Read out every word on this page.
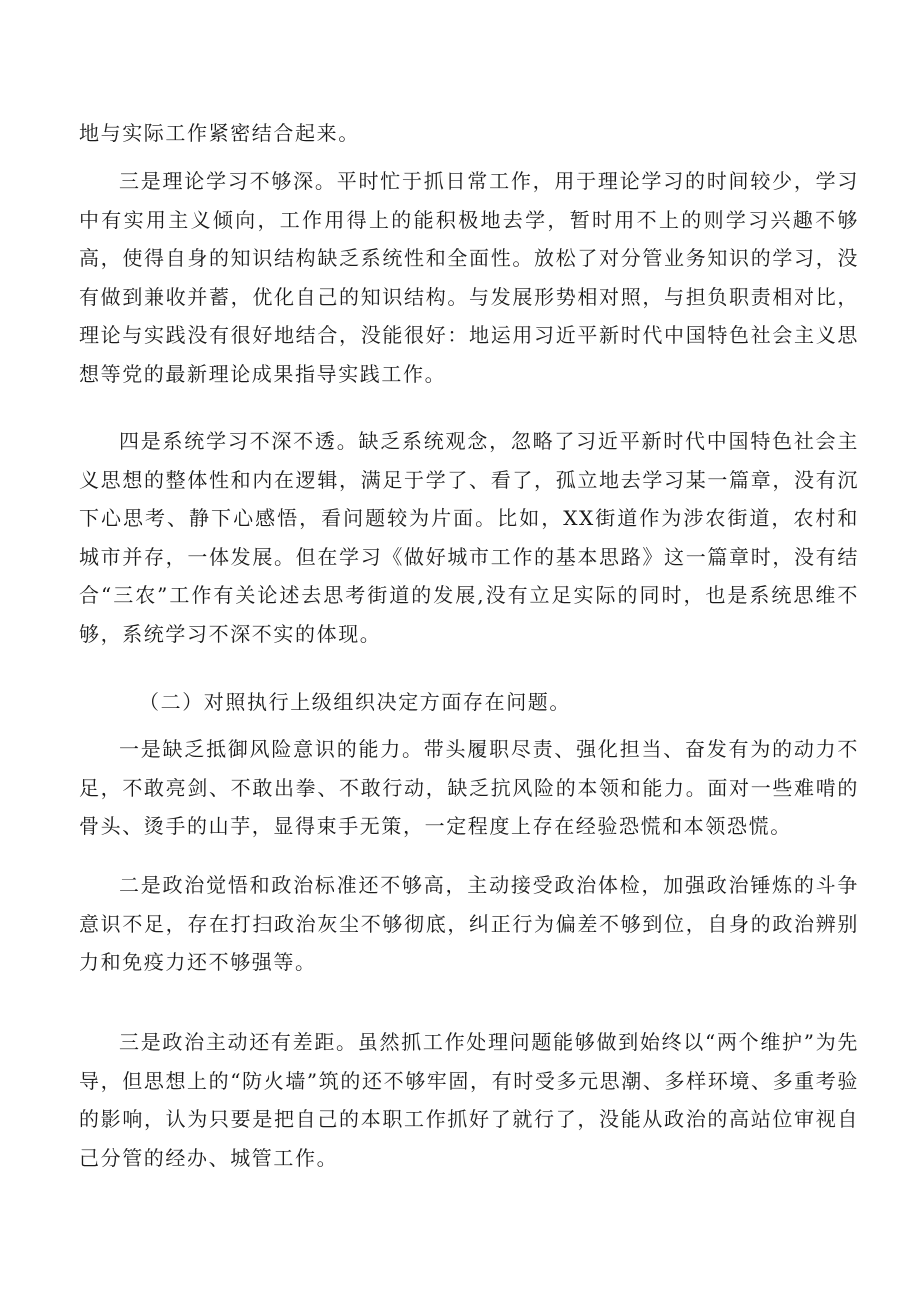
地与实际工作紧密结合起来。

三是理论学习不够深。平时忙于抓日常工作，用于理论学习的时间较少，学习中有实用主义倾向，工作用得上的能积极地去学，暂时用不上的则学习兴趣不够高，使得自身的知识结构缺乏系统性和全面性。放松了对分管业务知识的学习，没有做到兼收并蓄，优化自己的知识结构。与发展形势相对照，与担负职责相对比，理论与实践没有很好地结合，没能很好：地运用习近平新时代中国特色社会主义思想等党的最新理论成果指导实践工作。

四是系统学习不深不透。缺乏系统观念，忽略了习近平新时代中国特色社会主义思想的整体性和内在逻辑，满足于学了、看了，孤立地去学习某一篇章，没有沉下心思考、静下心感悟，看问题较为片面。比如，XX街道作为涉农街道，农村和城市并存，一体发展。但在学习《做好城市工作的基本思路》这一篇章时，没有结合“三农”工作有关论述去思考街道的发展,没有立足实际的同时，也是系统思维不够，系统学习不深不实的体现。

（二）对照执行上级组织决定方面存在问题。

一是缺乏抵御风险意识的能力。带头履职尽责、强化担当、奋发有为的动力不足，不敢亮剑、不敢出拳、不敢行动，缺乏抗风险的本领和能力。面对一些难啃的骨头、烫手的山芋，显得束手无策，一定程度上存在经验恐慌和本领恐慌。

二是政治觉悟和政治标准还不够高，主动接受政治体检，加强政治锤炼的斗争意识不足，存在打扫政治灰尘不够彻底，纠正行为偏差不够到位，自身的政治辨别力和免疫力还不够强等。

三是政治主动还有差距。虽然抓工作处理问题能够做到始终以“两个维护”为先导，但思想上的“防火墙”筑的还不够牢固，有时受多元思潮、多样环境、多重考验的影响，认为只要是把自己的本职工作抓好了就行了，没能从政治的高站位审视自己分管的经办、城管工作。
